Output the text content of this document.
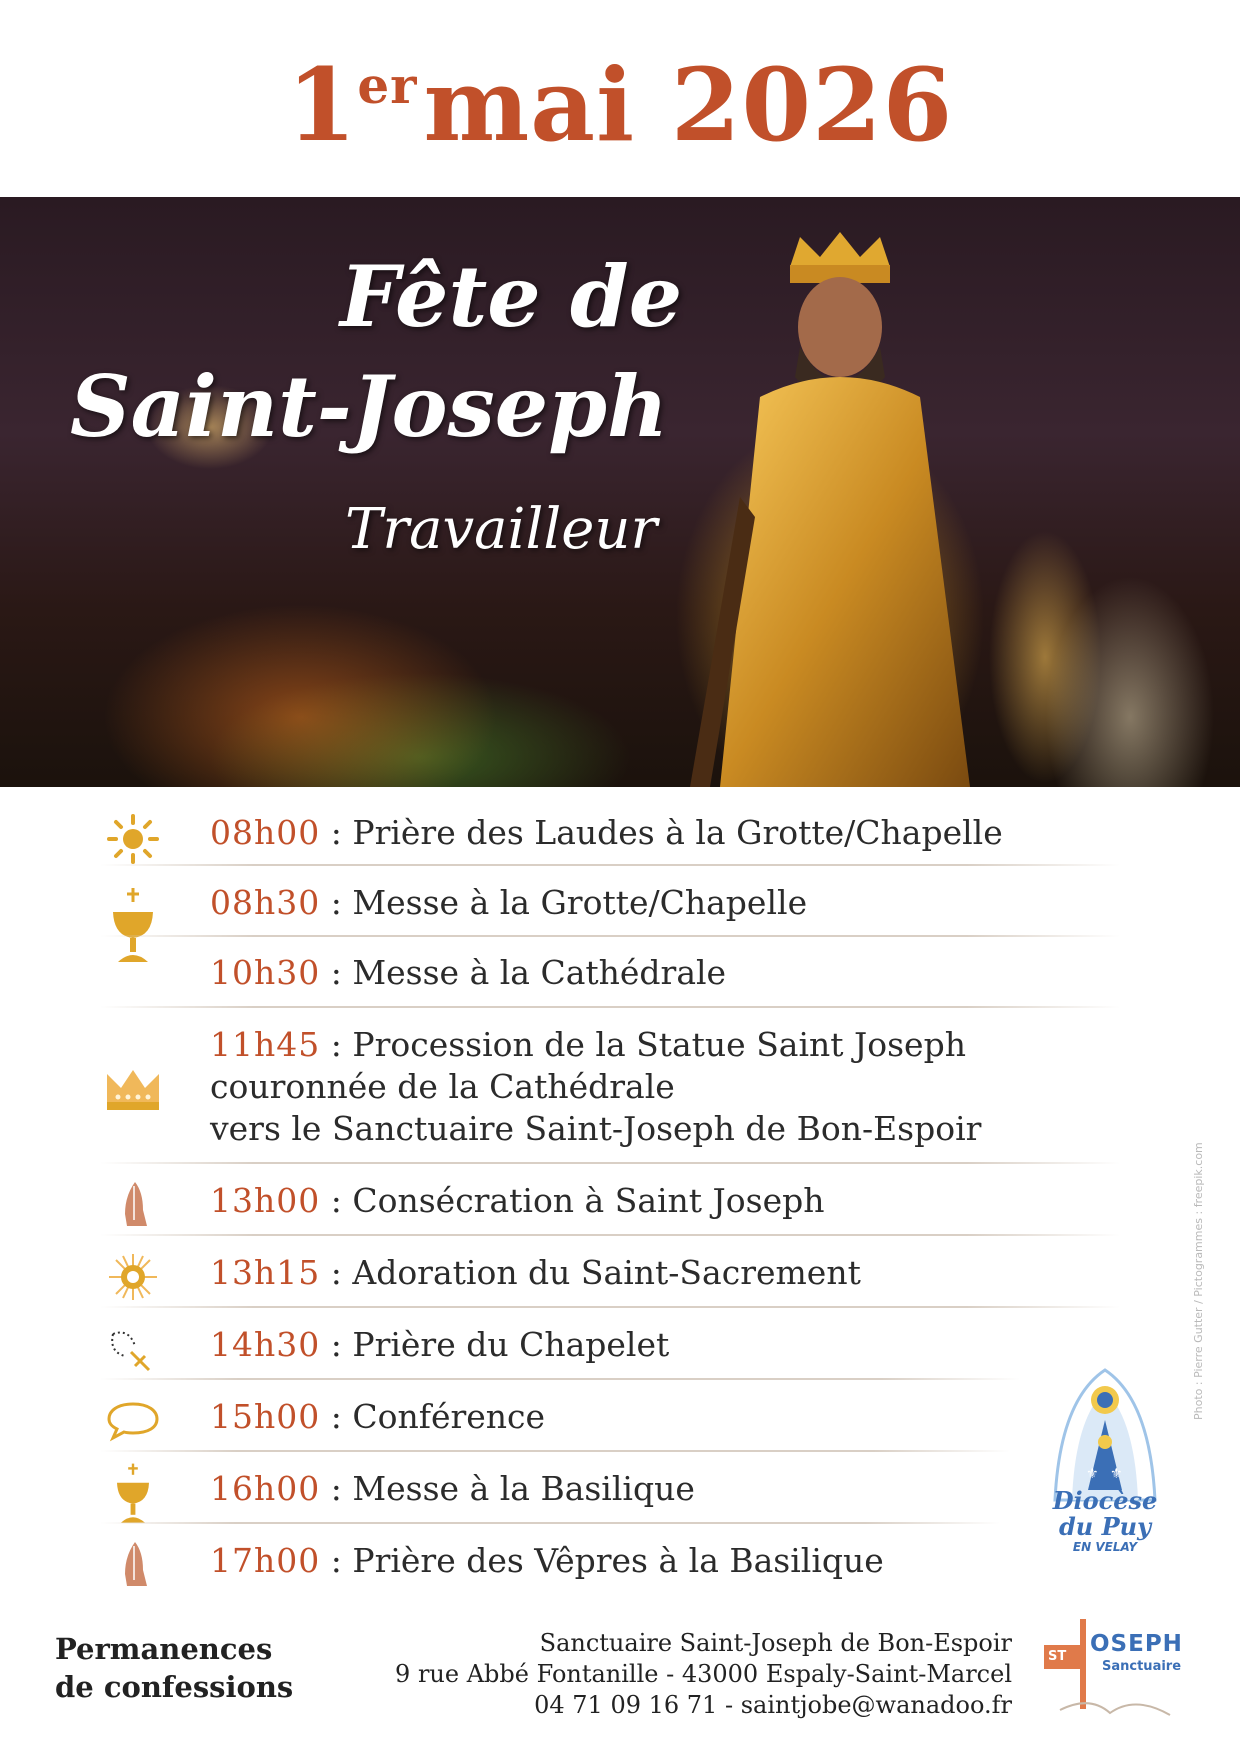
1ermai 2026
Fête de
Saint-Joseph
Travailleur
08h00 : Prière des Laudes à la Grotte/Chapelle
08h30 : Messe à la Grotte/Chapelle
10h30 : Messe à la Cathédrale
11h45 : Procession de la Statue Saint Joseph
couronnée de la Cathédrale
vers le Sanctuaire Saint-Joseph de Bon-Espoir
13h00 : Consécration à Saint Joseph
13h15 : Adoration du Saint-Sacrement
14h30 : Prière du Chapelet
15h00 : Conférence
16h00 : Messe à la Basilique
17h00 : Prière des Vêpres à la Basilique
⚜ ⚜
Diocèse
du Puy
EN VELAY
Photo : Pierre Gutter / Pictogrammes : freepik.com
Permanences
de confessions
Sanctuaire Saint-Joseph de Bon-Espoir
9 rue Abbé Fontanille - 43000 Espaly-Saint-Marcel
04 71 09 16 71 - saintjobe@wanadoo.fr
ST OSEPH
Sanctuaire
